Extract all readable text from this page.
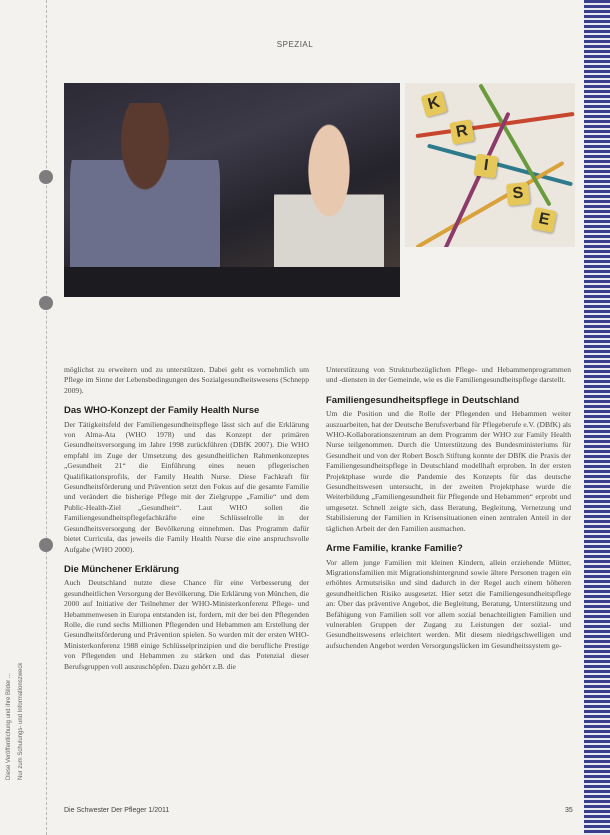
SPEZIAL
Diese Veröffentlichung und ihre Bilder ... Nur zum Schulungs- und Informationszweck
K
R
I
S
E

möglichst zu erweitern und zu unterstützen. Dabei geht es vornehmlich um Pflege im Sinne der Lebensbedingungen des Sozialgesundheitswesens (Schnepp 2009).

Das WHO-Konzept der Family Health Nurse

Der Tätigkeitsfeld der Familiengesundheitspflege lässt sich auf die Erklärung von Alma-Ata (WHO 1978) und das Konzept der primären Gesundheitsversorgung im Jahre 1998 zurückführen (DBfK 2007). Die WHO empfahl im Zuge der Umsetzung des gesundheitlichen Rahmenkonzeptes „Gesundheit 21“ die Einführung eines neuen pflegerischen Qualifikationsprofils, der Family Health Nurse. Diese Fachkraft für Gesundheitsförderung und Prävention setzt den Fokus auf die gesamte Familie und verändert die bisherige Pflege mit der Zielgruppe „Familie“ und dem Public-Health-Ziel „Gesundheit“. Laut WHO sollen die Familiengesundheitspflegefachkräfte eine Schlüsselrolle in der Gesundheitsversorgung der Bevölkerung einnehmen. Das Programm dafür bietet Curricula, das jeweils die Family Health Nurse die eine anspruchsvolle Aufgabe (WHO 2000).

Die Münchener Erklärung

Auch Deutschland nutzte diese Chance für eine Verbesserung der gesundheitlichen Versorgung der Bevölkerung. Die Erklärung von München, die 2000 auf Initiative der Teilnehmer der WHO-Ministerkonferenz Pflege- und Hebammenwesen in Europa entstanden ist, fordern, mit der bei den Pflegenden Rolle, die rund sechs Millionen Pflegenden und Hebammen am Erstellung der Gesundheitsförderung und Prävention spielen. So wurden mit der ersten WHO-Ministerkonferenz 1988 einige Schlüsselprinzipien und die berufliche Prestige von Pflegenden und Hebammen zu stärken und das Potenzial dieser Berufsgruppen voll auszuschöpfen. Dazu gehört z.B. die

Unterstützung von Strukturbezüglichen Pflege- und Hebammenprogrammen und -diensten in der Gemeinde, wie es die Familiengesundheitspflege darstellt.

Familiengesundheitspflege in Deutschland

Um die Position und die Rolle der Pflegenden und Hebammen weiter auszuarbeiten, hat der Deutsche Berufsverband für Pflegeberufe e.V. (DBfK) als WHO-Kollaborationszentrum an dem Programm der WHO zur Family Health Nurse teilgenommen. Durch die Unterstützung des Bundesministeriums für Gesundheit und von der Robert Bosch Stiftung konnte der DBfK die Praxis der Familiengesundheitspflege in Deutschland modellhaft erproben. In der ersten Projektphase wurde die Pandemie des Konzepts für das deutsche Gesundheitswesen untersucht, in der zweiten Projektphase wurde die Weiterbildung „Familiengesundheit für Pflegende und Hebammen“ erprobt und umgesetzt. Schnell zeigte sich, dass Beratung, Begleitung, Vernetzung und Stabilisierung der Familien in Krisensituationen einen zentralen Anteil in der täglichen Arbeit der den Familien ausmachen.

Arme Familie, kranke Familie?

Vor allem junge Familien mit kleinen Kindern, allein erziehende Mütter, Migrationsfamilien mit Migrationshintergrund sowie ältere Personen tragen ein erhöhtes Armutsrisiko und sind dadurch in der Regel auch einem höheren gesundheitlichen Risiko ausgesetzt. Hier setzt die Familiengesundheitspflege an: Über das präventive Angebot, die Begleitung, Beratung, Unterstützung und Befähigung von Familien soll vor allem sozial benachteiligten Familien und vulnerablen Gruppen der Zugang zu Leistungen der sozial- und Gesundheitswesens erleichtert werden. Mit diesem niedrigschwelligen und aufsuchenden Angebot werden Versorgungslücken im Gesundheitssystem ge-

Die Schwester Der Pfleger 1/2011	35
